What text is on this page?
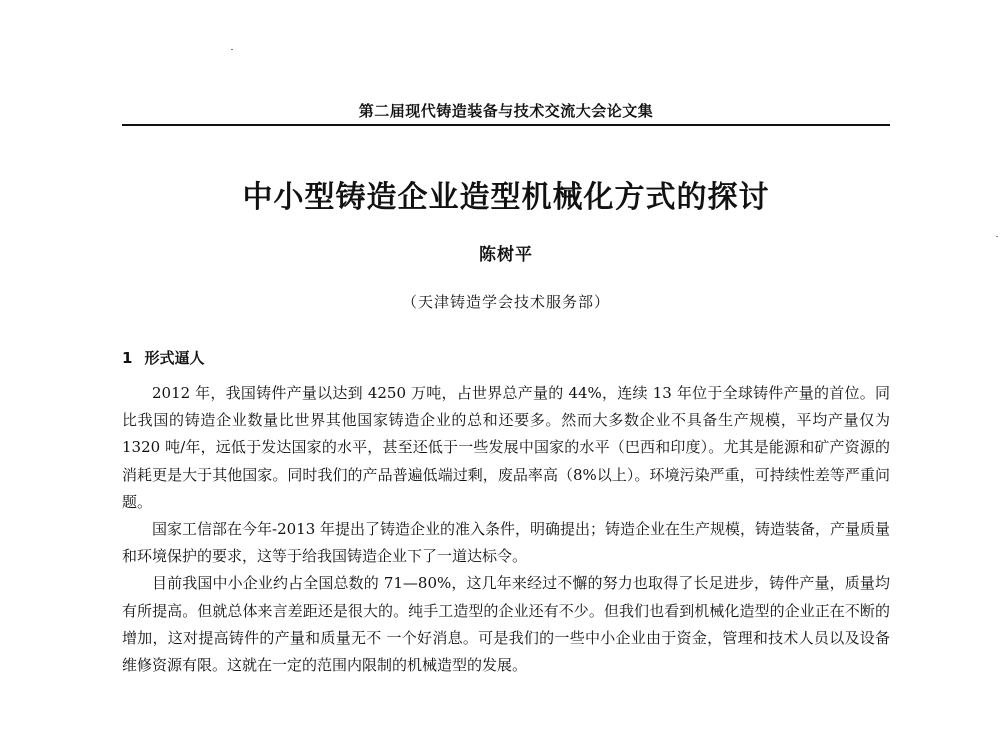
第二届现代铸造装备与技术交流大会论文集
中小型铸造企业造型机械化方式的探讨
陈树平
（天津铸造学会技术服务部）
1 形式逼人

2012 年，我国铸件产量以达到 4250 万吨，占世界总产量的 44%，连续 13 年位于全球铸件产量的首位。同比我国的铸造企业数量比世界其他国家铸造企业的总和还要多。然而大多数企业不具备生产规模，平均产量仅为 1320 吨/年，远低于发达国家的水平，甚至还低于一些发展中国家的水平（巴西和印度）。尤其是能源和矿产资源的消耗更是大于其他国家。同时我们的产品普遍低端过剩，废品率高（8%以上）。环境污染严重，可持续性差等严重问题。

国家工信部在今年-2013 年提出了铸造企业的准入条件，明确提出；铸造企业在生产规模，铸造装备，产量质量和环境保护的要求，这等于给我国铸造企业下了一道达标令。

目前我国中小企业约占全国总数的 71—80%，这几年来经过不懈的努力也取得了长足进步，铸件产量，质量均有所提高。但就总体来言差距还是很大的。纯手工造型的企业还有不少。但我们也看到机械化造型的企业正在不断的增加，这对提高铸件的产量和质量无不 一个好消息。可是我们的一些中小企业由于资金，管理和技术人员以及设备维修资源有限。这就在一定的范围内限制的机械造型的发展。
